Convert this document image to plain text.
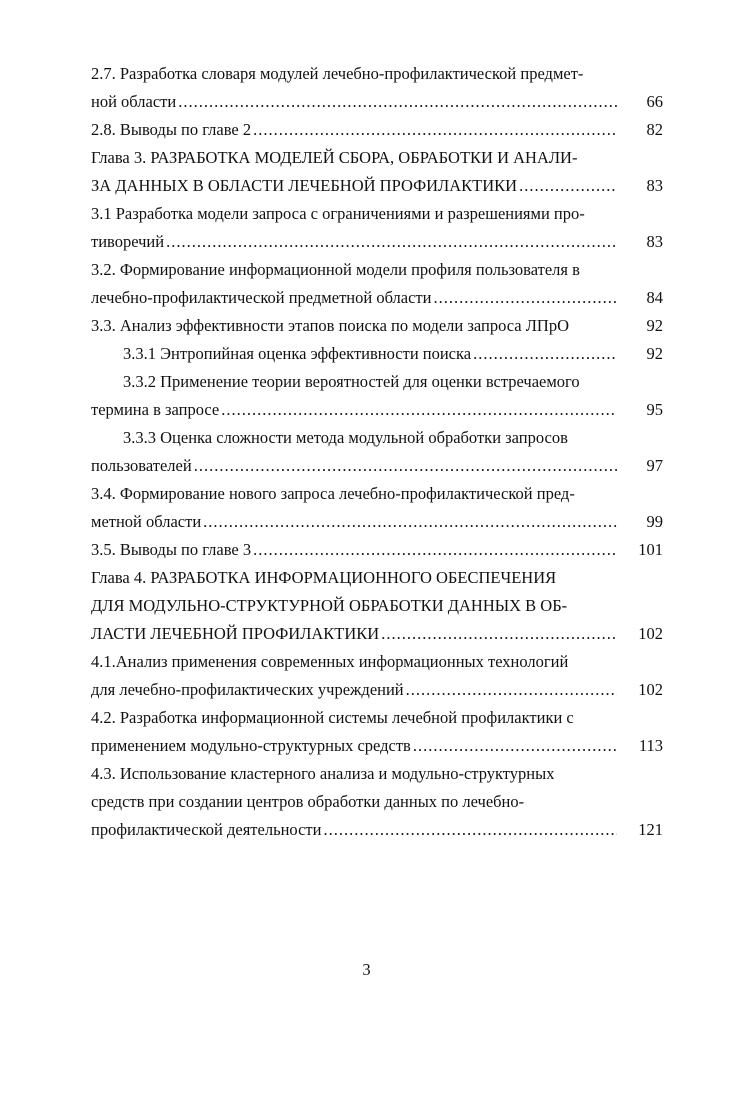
2.7. Разработка словаря модулей лечебно-профилактической предмет-
ной области .....	66
2.8. Выводы по главе 2 .....	82
Глава 3. РАЗРАБОТКА МОДЕЛЕЙ СБОРА, ОБРАБОТКИ И АНАЛИ-
ЗА ДАННЫХ В ОБЛАСТИ ЛЕЧЕБНОЙ ПРОФИЛАКТИКИ .....	83
3.1 Разработка модели запроса с ограничениями и разрешениями про-
тиворечий .....	83
3.2. Формирование информационной модели профиля пользователя в
лечебно-профилактической предметной области .....	84
3.3. Анализ эффективности этапов поиска по модели запроса ЛПрО	92
3.3.1 Энтропийная оценка эффективности поиска .....	92
3.3.2 Применение теории вероятностей для оценки встречаемого
термина в запросе .....	95
3.3.3 Оценка сложности метода модульной обработки запросов
пользователей .....	97
3.4. Формирование нового запроса лечебно-профилактической пред-
метной области .....	99
3.5. Выводы по главе 3 .....	101
Глава 4. РАЗРАБОТКА ИНФОРМАЦИОННОГО ОБЕСПЕЧЕНИЯ
ДЛЯ МОДУЛЬНО-СТРУКТУРНОЙ ОБРАБОТКИ ДАННЫХ В ОБ-
ЛАСТИ ЛЕЧЕБНОЙ ПРОФИЛАКТИКИ .....	102
4.1.Анализ применения современных информационных технологий
для лечебно-профилактических учреждений .....	102
4.2. Разработка информационной системы лечебной профилактики с
применением модульно-структурных средств .....	113
4.3. Использование кластерного анализа и модульно-структурных
средств при создании центров обработки данных по лечебно-
профилактической деятельности .....	121
3
